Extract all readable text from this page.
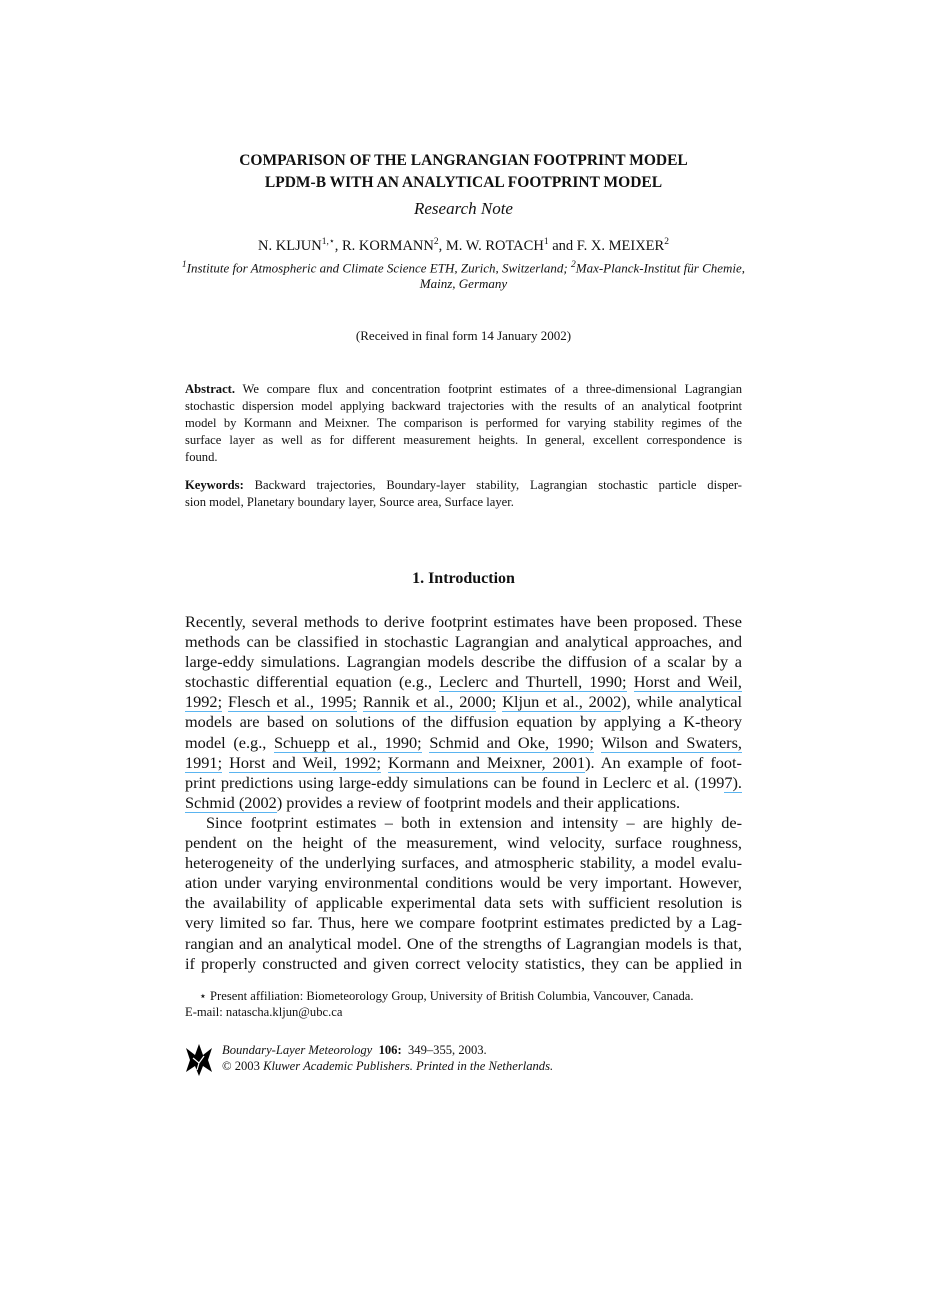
COMPARISON OF THE LANGRANGIAN FOOTPRINT MODEL
LPDM-B WITH AN ANALYTICAL FOOTPRINT MODEL
Research Note
N. $KLJUN^{1,⋆}$, R. KORMANN$^2$, M. W. ROTACH$^1$ and F. X. MEIXER$^2$
$^1$Institute for Atmospheric and Climate Science ETH, Zurich, Switzerland; $^2$Max-Planck-Institut für Chemie, Mainz, Germany
(Received in final form 14 January 2002)
Abstract. We compare flux and concentration footprint estimates of a three-dimensional Lagrangian
stochastic dispersion model applying backward trajectories with the results of an analytical footprint
model by Kormann and Meixner. The comparison is performed for varying stability regimes of the
surface layer as well as for different measurement heights. In general, excellent correspondence is
found.
Keywords: Backward trajectories, Boundary-layer stability, Lagrangian stochastic particle disper-
sion model, Planetary boundary layer, Source area, Surface layer.
1. Introduction
Recently, several methods to derive footprint estimates have been proposed. These
methods can be classified in stochastic Lagrangian and analytical approaches, and
large-eddy simulations. Lagrangian models describe the diffusion of a scalar by a
stochastic differential equation (e.g., Leclerc and Thurtell, 1990; Horst and Weil,
1992; Flesch et al., 1995; Rannik et al., 2000; Kljun et al., 2002), while analytical
models are based on solutions of the diffusion equation by applying a K-theory
model (e.g., Schuepp et al., 1990; Schmid and Oke, 1990; Wilson and Swaters,
1991; Horst and Weil, 1992; Kormann and Meixner, 2001). An example of foot-
print predictions using large-eddy simulations can be found in Leclerc et al. (1997).
Schmid (2002) provides a review of footprint models and their applications.
Since footprint estimates – both in extension and intensity – are highly de-
pendent on the height of the measurement, wind velocity, surface roughness,
heterogeneity of the underlying surfaces, and atmospheric stability, a model evalu-
ation under varying environmental conditions would be very important. However,
the availability of applicable experimental data sets with sufficient resolution is
very limited so far. Thus, here we compare footprint estimates predicted by a Lag-
rangian and an analytical model. One of the strengths of Lagrangian models is that,
if properly constructed and given correct velocity statistics, they can be applied in
⋆ Present affiliation: Biometeorology Group, University of British Columbia, Vancouver, Canada.
E-mail: natascha.kljun@ubc.ca
Boundary-Layer Meteorology 106: 349–355, 2003.
© 2003 Kluwer Academic Publishers. Printed in the Netherlands.
